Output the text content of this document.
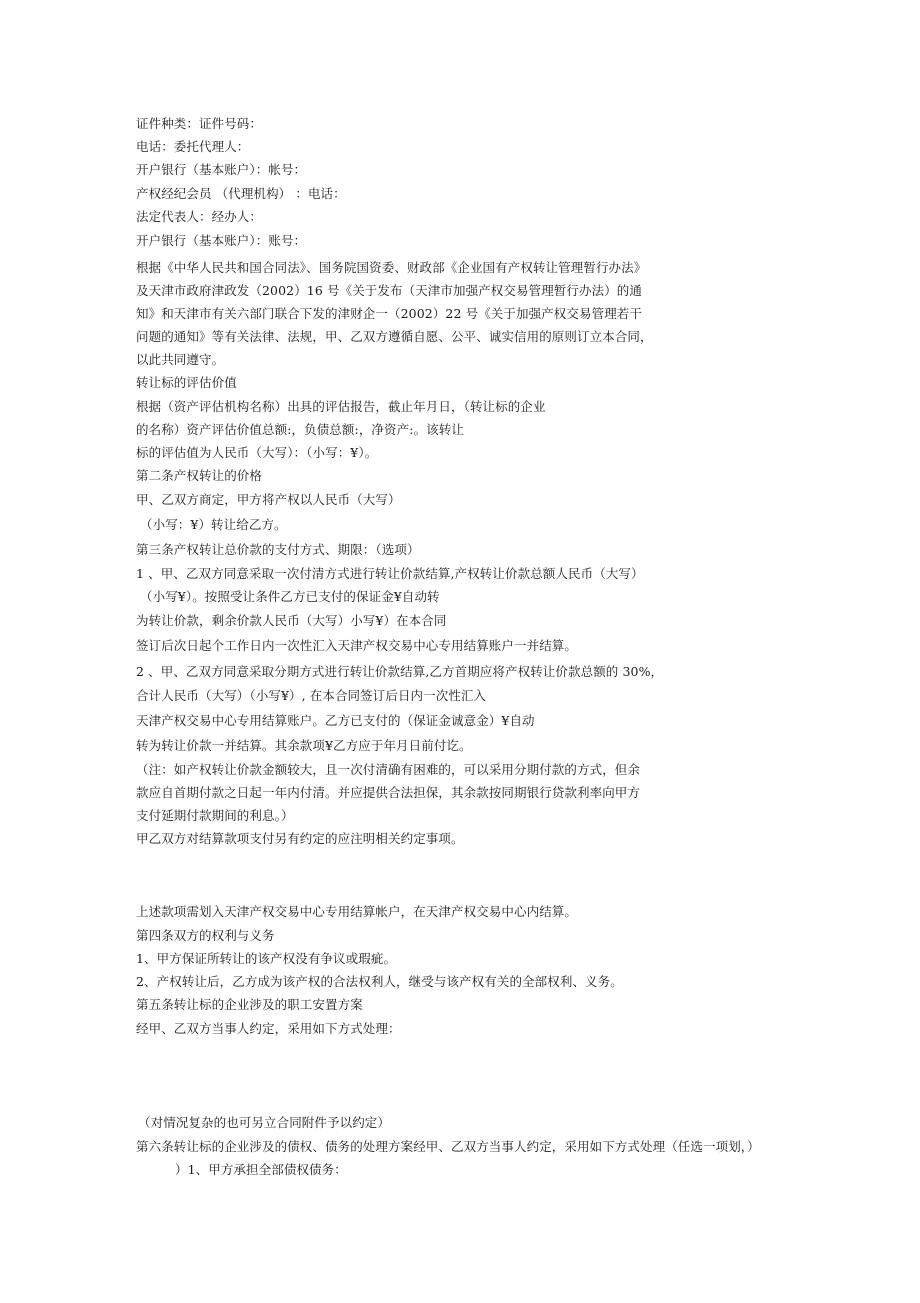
证件种类：证件号码：
电话：委托代理人：
开户银行（基本账户）：帐号：
产权经纪会员 （代理机构） ：电话：
法定代表人：经办人：
开户银行（基本账户）：账号：
根据《中华人民共和国合同法》、国务院国资委、财政部《企业国有产权转让管理暂行办法》
及天津市政府津政发（2002）16 号《关于发布（天津市加强产权交易管理暂行办法）的通
知》和天津市有关六部门联合下发的津财企一（2002）22 号《关于加强产权交易管理若干
问题的通知》等有关法律、法规，甲、乙双方遵循自愿、公平、诚实信用的原则订立本合同，
以此共同遵守。
转让标的评估价值
根据（资产评估机构名称）出具的评估报告，截止年月日，（转让标的企业
的名称）资产评估价值总额:，负债总额:，净资产:。该转让
标的评估值为人民币（大写）：（小写：¥）。
第二条产权转让的价格
甲、乙双方商定，甲方将产权以人民币（大写）
（小写：¥）转让给乙方。
第三条产权转让总价款的支付方式、期限：（选项）
1 、甲、乙双方同意采取一次付清方式进行转让价款结算,产权转让价款总额人民币（大写）
（小写¥）。按照受让条件乙方已支付的保证金¥自动转
为转让价款，剩余价款人民币（大写）小写¥）在本合同
签订后次日起个工作日内一次性汇入天津产权交易中心专用结算账户一并结算。
2 、甲、乙双方同意采取分期方式进行转让价款结算,乙方首期应将产权转让价款总额的 30%，
合计人民币（大写）（小写¥）, 在本合同签订后日内一次性汇入
天津产权交易中心专用结算账户。乙方已支付的（保证金诚意金）¥自动
转为转让价款一并结算。其余款项¥乙方应于年月日前付讫。
（注：如产权转让价款金额较大，且一次付清确有困难的，可以采用分期付款的方式，但余
款应自首期付款之日起一年内付清。并应提供合法担保，其余款按同期银行贷款利率向甲方
支付延期付款期间的利息。）
甲乙双方对结算款项支付另有约定的应注明相关约定事项。
上述款项需划入天津产权交易中心专用结算帐户，在天津产权交易中心内结算。
第四条双方的权利与义务
1、甲方保证所转让的该产权没有争议或瑕疵。
2、产权转让后，乙方成为该产权的合法权利人，继受与该产权有关的全部权利、义务。
第五条转让标的企业涉及的职工安置方案
经甲、乙双方当事人约定，采用如下方式处理：
（对情况复杂的也可另立合同附件予以约定）
第六条转让标的企业涉及的债权、债务的处理方案经甲、乙双方当事人约定，采用如下方式处理（任选一项划，）
）1、甲方承担全部债权债务：
